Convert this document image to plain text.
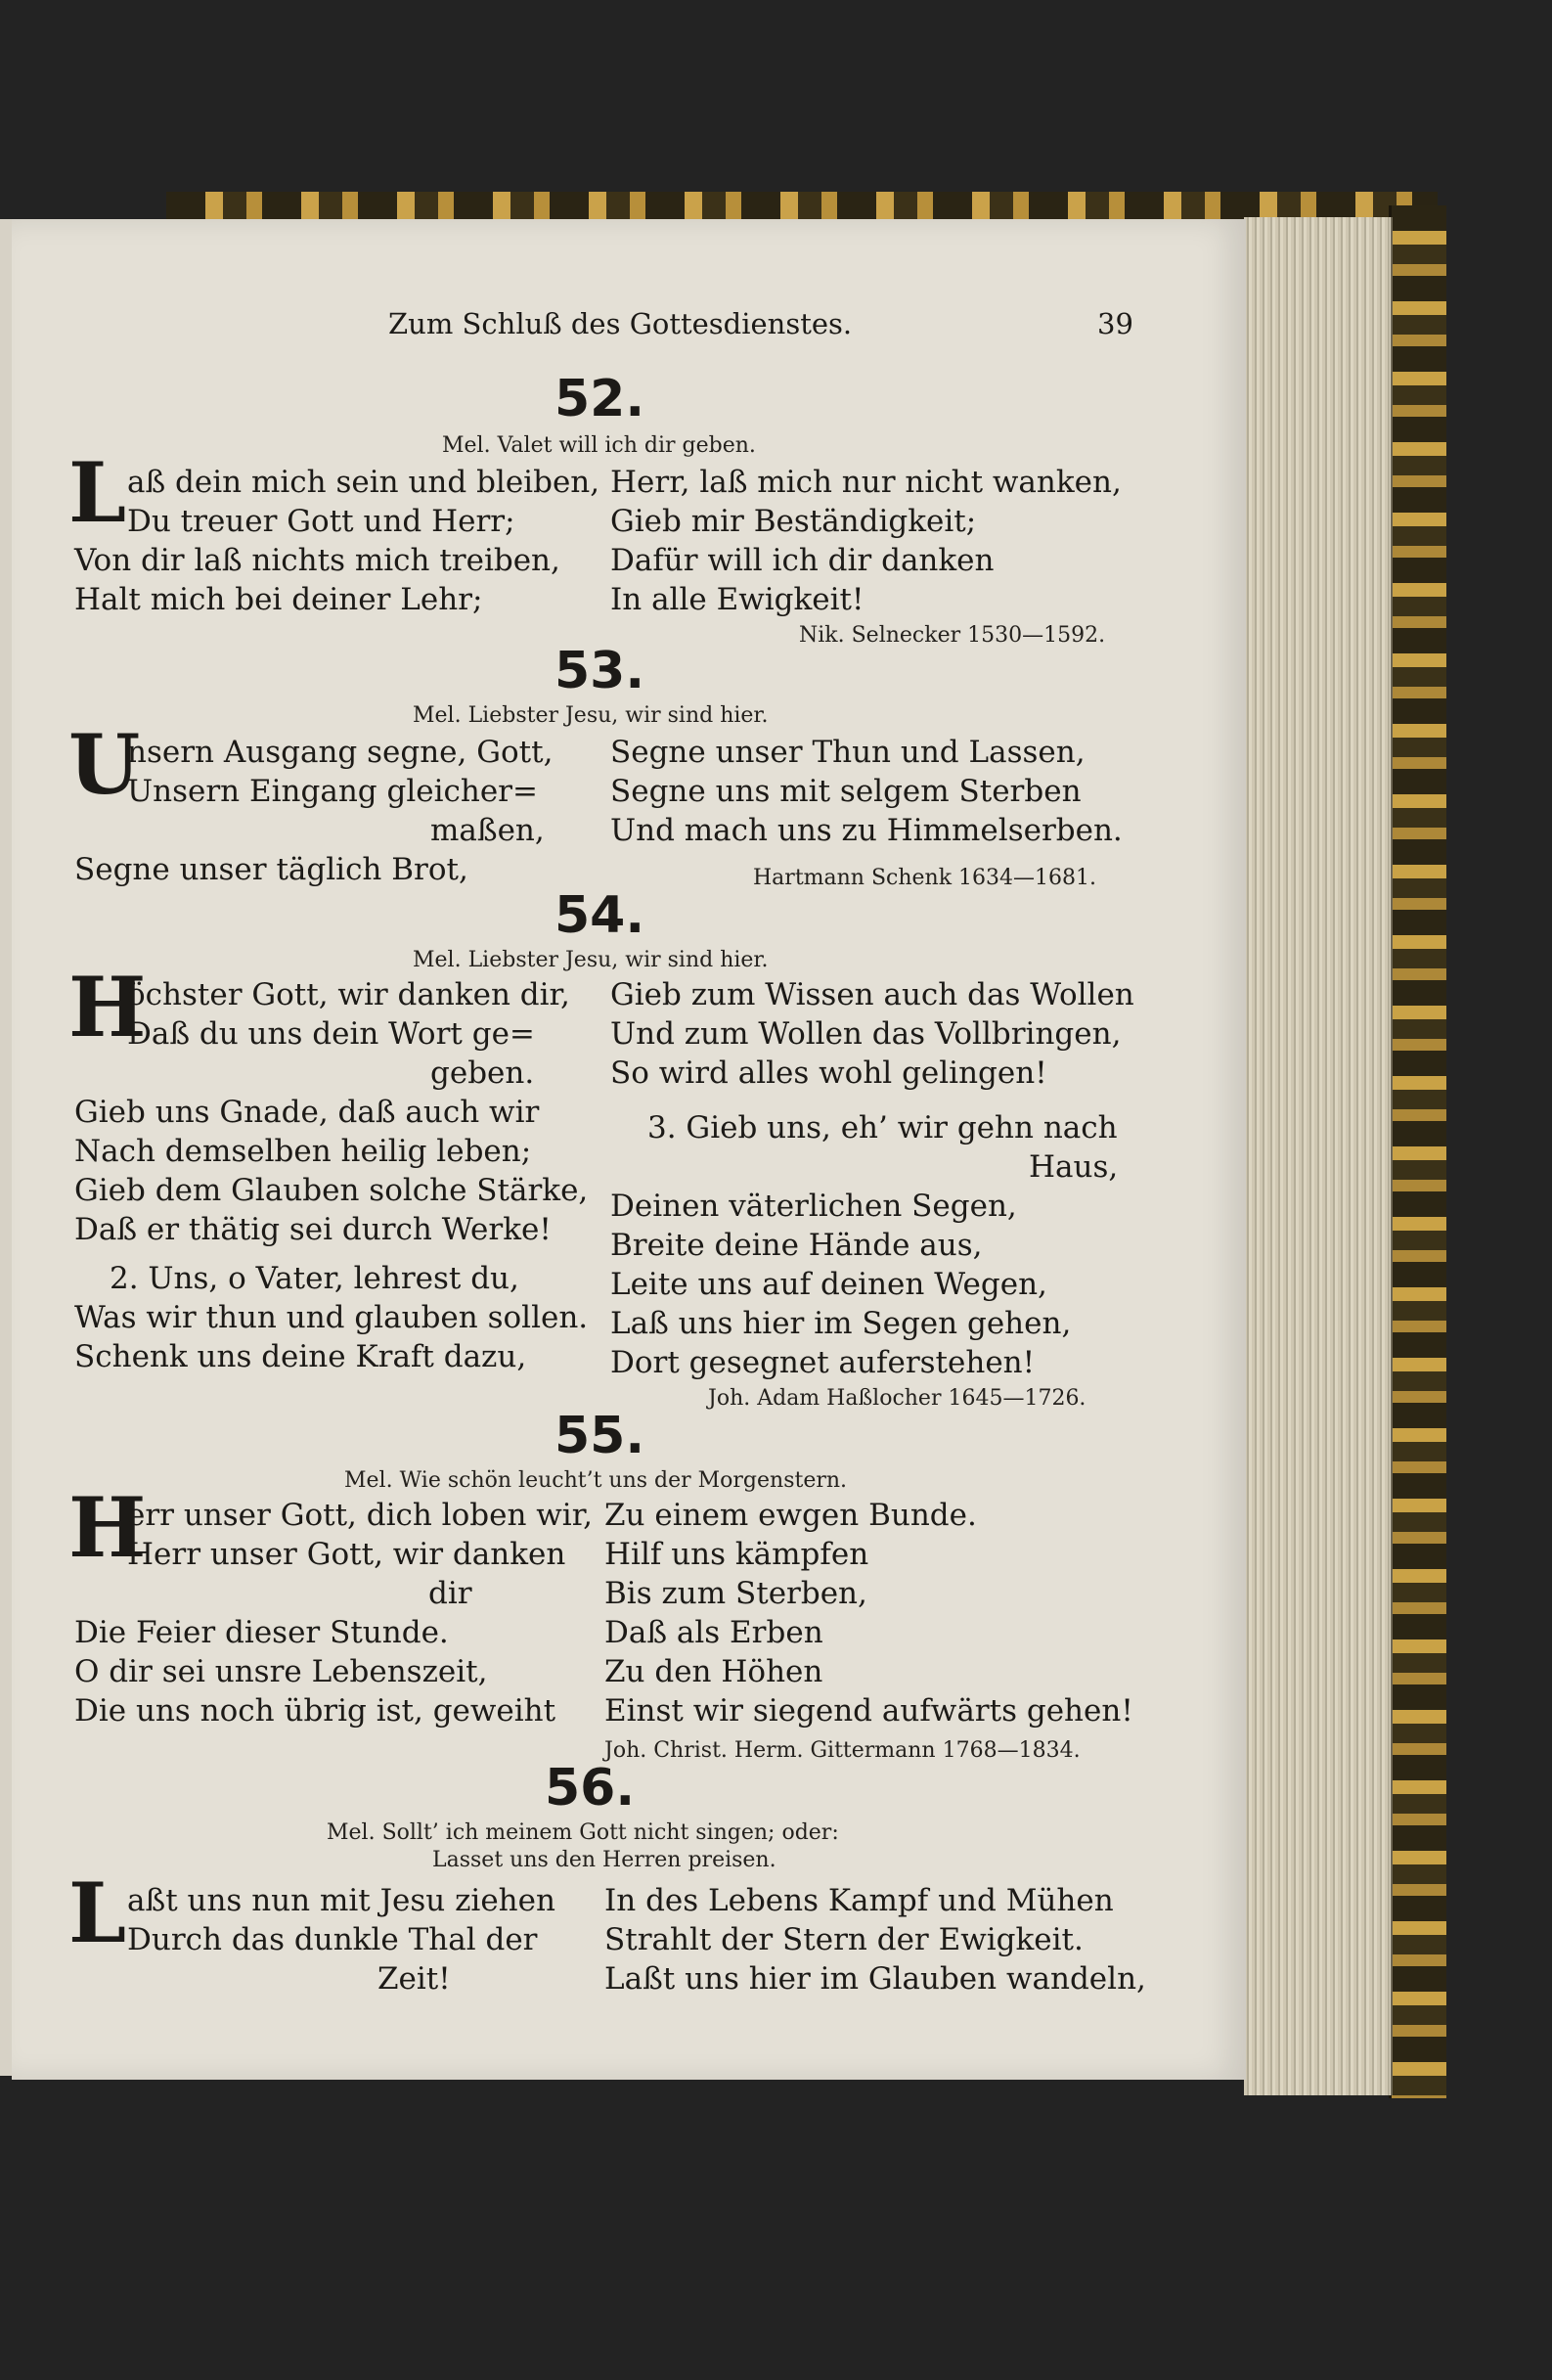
Zum Schluß des Gottesdienstes.	39
52.
Mel. Valet will ich dir geben.
L aß dein mich sein und bleiben,
Du treuer Gott und Herr;
Von dir laß nichts mich treiben,
Halt mich bei deiner Lehr;
Herr, laß mich nur nicht wanken,
Gieb mir Beständigkeit;
Dafür will ich dir danken
In alle Ewigkeit!
Nik. Selnecker 1530—1592.
53.
Mel. Liebster Jesu, wir sind hier.
U
nsern Ausgang segne, Gott,
Unsern Eingang gleicher=
maßen,
Segne unser täglich Brot,
Segne unser Thun und Lassen,
Segne uns mit selgem Sterben
Und mach uns zu Himmelserben.
Hartmann Schenk 1634—1681.
54.
Mel. Liebster Jesu, wir sind hier.
H
öchster Gott, wir danken dir,
Daß du uns dein Wort ge=
geben.
Gieb uns Gnade, daß auch wir
Nach demselben heilig leben;
Gieb dem Glauben solche Stärke,
Daß er thätig sei durch Werke!
2. Uns, o Vater, lehrest du,
Was wir thun und glauben sollen.
Schenk uns deine Kraft dazu,
Gieb zum Wissen auch das Wollen
Und zum Wollen das Vollbringen,
So wird alles wohl gelingen!
3. Gieb uns, eh’ wir gehn nach
Haus,
Deinen väterlichen Segen,
Breite deine Hände aus,
Leite uns auf deinen Wegen,
Laß uns hier im Segen gehen,
Dort gesegnet auferstehen!
Joh. Adam Haßlocher 1645—1726.
55.
Mel. Wie schön leucht’t uns der Morgenstern.
H
err unser Gott, dich loben wir,
Herr unser Gott, wir danken
dir
Die Feier dieser Stunde.
O dir sei unsre Lebenszeit,
Die uns noch übrig ist, geweiht
Zu einem ewgen Bunde.
Hilf uns kämpfen
Bis zum Sterben,
Daß als Erben
Zu den Höhen
Einst wir siegend aufwärts gehen!
Joh. Christ. Herm. Gittermann 1768—1834.
56.
Mel. Sollt’ ich meinem Gott nicht singen; oder:
Lasset uns den Herren preisen.
L aßt uns nun mit Jesu ziehen
Durch das dunkle Thal der
Zeit!
In des Lebens Kampf und Mühen
Strahlt der Stern der Ewigkeit.
Laßt uns hier im Glauben wandeln,
